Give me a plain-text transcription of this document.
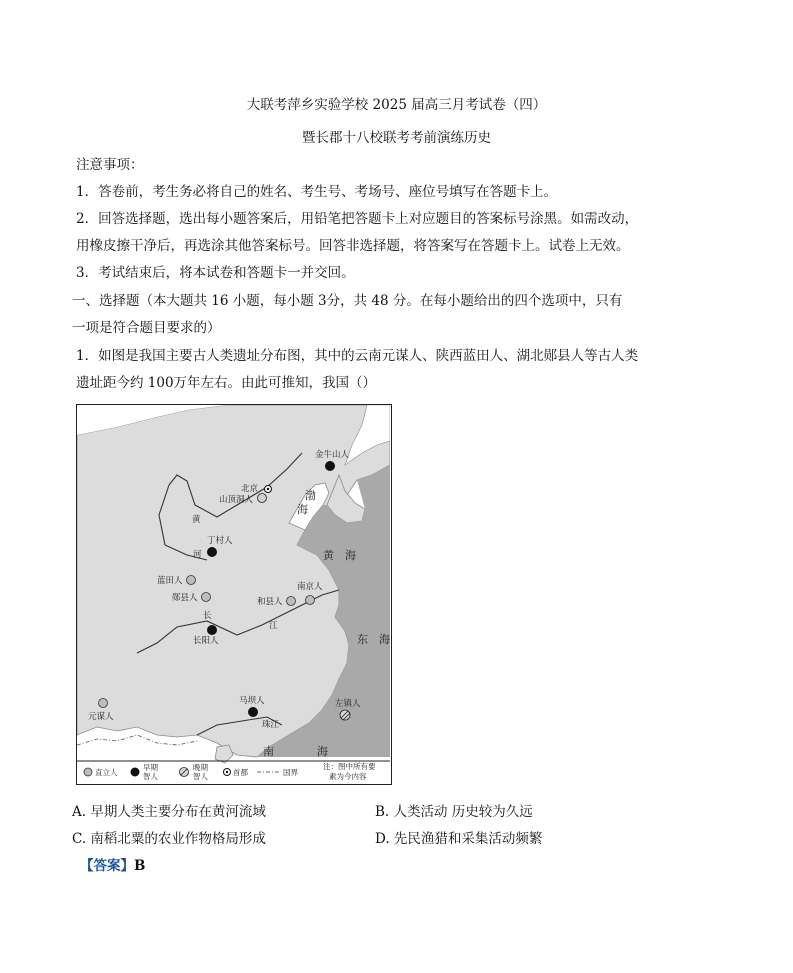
大联考萍乡实验学校 2025 届高三月考试卷（四）
暨长郡十八校联考考前演练历史
注意事项：
1．答卷前，考生务必将自己的姓名、考生号、考场号、座位号填写在答题卡上。
2．回答选择题，选出每小题答案后，用铅笔把答题卡上对应题目的答案标号涂黑。如需改动，
用橡皮擦干净后，再选涂其他答案标号。回答非选择题，将答案写在答题卡上。试卷上无效。
3．考试结束后，将本试卷和答题卡一并交回。
一、选择题（本大题共 16 小题，每小题 3分，共 48 分。在每小题给出的四个选项中，只有
一项是符合题目要求的）
1．如图是我国主要古人类遗址分布图，其中的云南元谋人、陕西蓝田人、湖北郧县人等古人类
遗址距今约 100万年左右。由此可推知，我国（）
金牛山人
北京
山顶洞人
丁村人
蓝田人
郧县人
南京人
和县人
长阳人
马坝人
元谋人
左镇人
渤
海
黄　海
东　海
南	海
黄
河
长
江
珠江
直立人
早期
智人
晚期
智人	首都	国界
注：图中所有要
素为今内容
A. 早期人类主要分布在黄河流域	B. 人类活动 历史较为久远
C. 南稻北粟的农业作物格局形成	D. 先民渔猎和采集活动频繁
【答案】B
